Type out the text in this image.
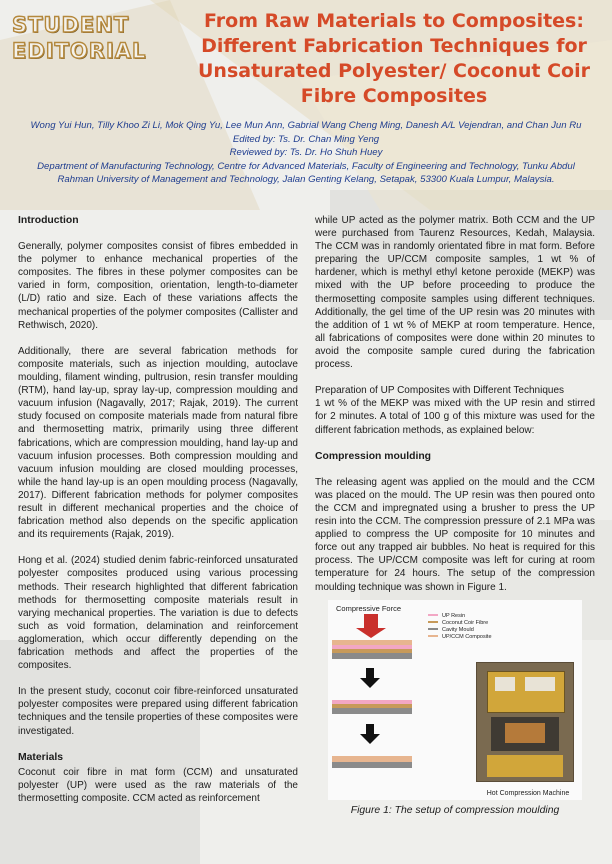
STUDENT
EDITORIAL
From Raw Materials to Composites:
Different Fabrication Techniques for
Unsaturated Polyester/ Coconut Coir
Fibre Composites
Wong Yui Hun, Tilly Khoo Zi Li, Mok Qing Yu, Lee Mun Ann, Gabrial Wang Cheng Ming, Danesh A/L Vejendran, and Chan Jun Ru
Edited by: Ts. Dr. Chan Ming Yeng
Reviewed by: Ts. Dr. Ho Shuh Huey
Department of Manufacturing Technology, Centre for Advanced Materials, Faculty of Engineering and Technology, Tunku Abdul
Rahman University of Management and Technology, Jalan Genting Kelang, Setapak, 53300 Kuala Lumpur, Malaysia.
Introduction

Generally, polymer composites consist of fibres embedded in the polymer to enhance mechanical properties of the composites. The fibres in these polymer composites can be varied in form, composition, orientation, length-to-diameter (L/D) ratio and size. Each of these variations affects the mechanical properties of the polymer composites (Callister and Rethwisch, 2020).

Additionally, there are several fabrication methods for composite materials, such as injection moulding, autoclave moulding, filament winding, pultrusion, resin transfer moulding (RTM), hand lay-up, spray lay-up, compression moulding and vacuum infusion (Nagavally, 2017; Rajak, 2019). The current study focused on composite materials made from natural fibre and thermosetting matrix, primarily using three different fabrications, which are compression moulding, hand lay-up and vacuum infusion processes. Both compression moulding and vacuum infusion moulding are closed moulding processes, while the hand lay-up is an open moulding process (Nagavally, 2017). Different fabrication methods for polymer composites result in different mechanical properties and the choice of fabrication method also depends on the specific application and its requirements (Rajak, 2019).

Hong et al. (2024) studied denim fabric-reinforced unsaturated polyester composites produced using various processing methods. Their research highlighted that different fabrication methods for thermosetting composite materials result in varying mechanical properties. The variation is due to defects such as void formation, delamination and reinforcement agglomeration, which occur differently depending on the fabrication methods and affect the properties of the composites.

In the present study, coconut coir fibre-reinforced unsaturated polyester composites were prepared using different fabrication techniques and the tensile properties of these composites were investigated.

Materials

Coconut coir fibre in mat form (CCM) and unsaturated polyester (UP) were used as the raw materials of the thermosetting composite. CCM acted as reinforcement

while UP acted as the polymer matrix. Both CCM and the UP were purchased from Taurenz Resources, Kedah, Malaysia. The CCM was in randomly orientated fibre in mat form. Before preparing the UP/CCM composite samples, 1 wt % of hardener, which is methyl ethyl ketone peroxide (MEKP) was mixed with the UP before proceeding to produce the thermosetting composite samples using different techniques. Additionally, the gel time of the UP resin was 20 minutes with the addition of 1 wt % of MEKP at room temperature. Hence, all fabrications of composites were done within 20 minutes to avoid the composite sample cured during the fabrication process.

Preparation of UP Composites with Different Techniques

1 wt % of the MEKP was mixed with the UP resin and stirred for 2 minutes. A total of 100 g of this mixture was used for the different fabrication methods, as explained below:

Compression moulding

The releasing agent was applied on the mould and the CCM was placed on the mould. The UP resin was then poured onto the CCM and impregnated using a brusher to press the UP resin into the CCM. The compression pressure of 2.1 MPa was applied to compress the UP composite for 10 minutes and force out any trapped air bubbles. No heat is required for this process. The UP/CCM composite was left for curing at room temperature for 24 hours. The setup of the compression moulding technique was shown in Figure 1.

Compressive Force
UP Resin
Coconut Coir Fibre
Cavity Mould
UP/CCM Composite
Hot Compression Machine
Figure 1: The setup of compression moulding
